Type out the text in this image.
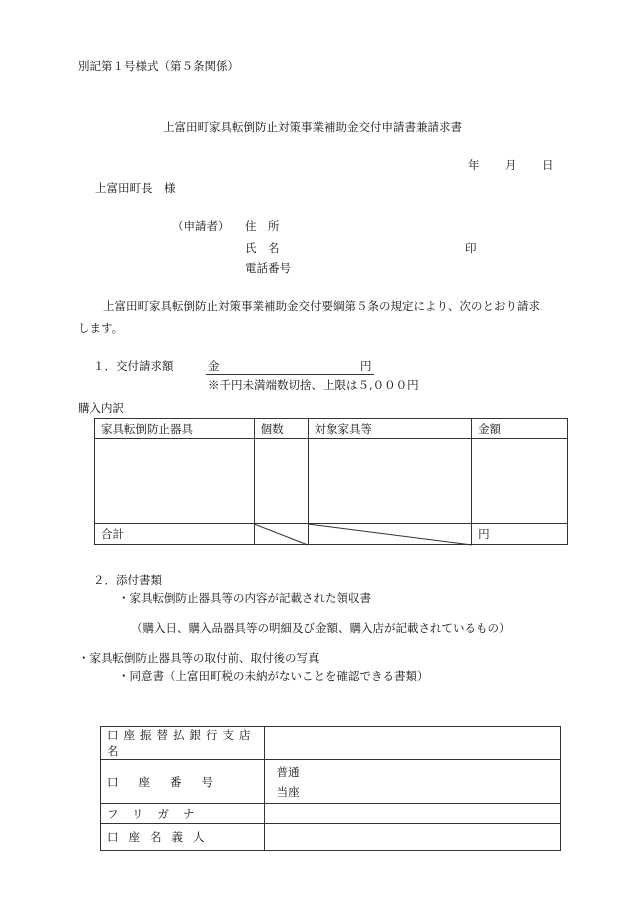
別記第１号様式（第５条関係）
上富田町家具転倒防止対策事業補助金交付申請書兼請求書
年 月 日
上富田町長　様
（申請者） 住　所
氏　名	印
電話番号
上富田町家具転倒防止対策事業補助金交付要綱第５条の規定により、次のとおり請求
します。
１．交付請求額	金	円
※千円未満端数切捨、上限は５,０００円
購入内訳
家具転倒防止器具	個数	対象家具等	金額

合計			円
２．添付書類
・家具転倒防止器具等の内容が記載された領収書
（購入日、購入品器具等の明細及び金額、購入店が記載されているもの）
・家具転倒防止器具等の取付前、取付後の写真
・同意書（上富田町税の未納がないことを確認できる書類）
口座振替払銀行支店名	
口座番号	普通
当座

フリガナ	
口座名義人	
